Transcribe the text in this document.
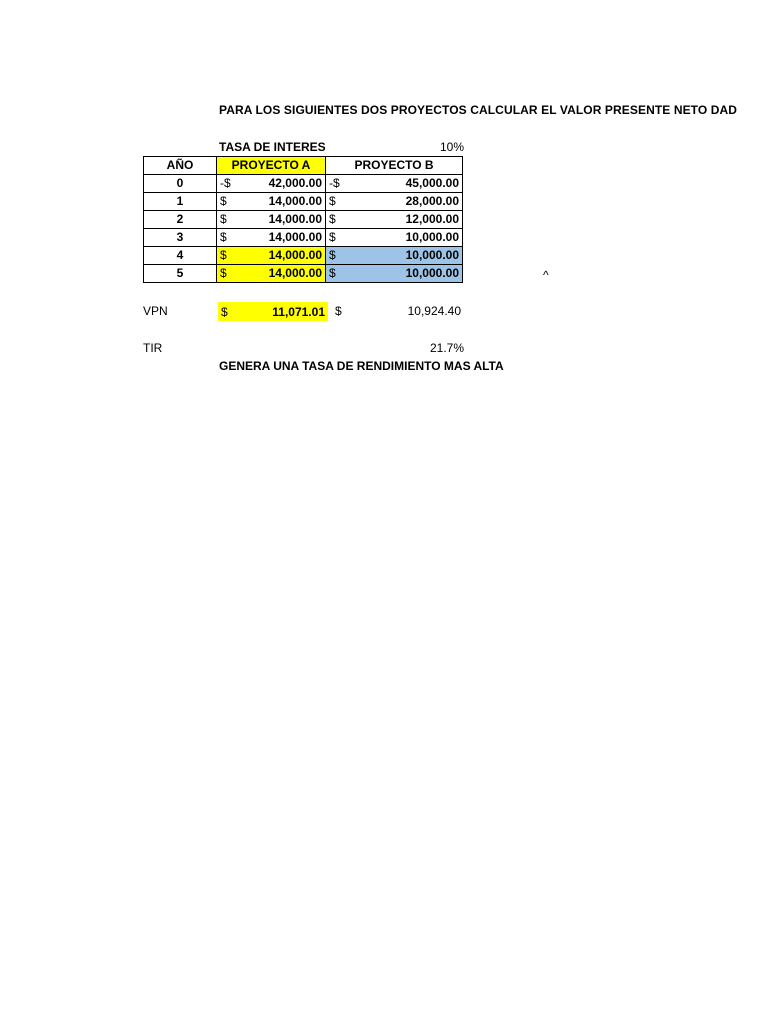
PARA LOS SIGUIENTES DOS PROYECTOS CALCULAR EL VALOR PRESENTE NETO DAD
TASA DE INTERES	10%
AÑO	PROYECTO A	PROYECTO B
0	-$ 42,000.00	-$ 45,000.00

1	$ 14,000.00	$ 28,000.00

2	$ 14,000.00	$ 12,000.00

3	$ 14,000.00	$ 10,000.00

4	$ 14,000.00	$ 10,000.00

5	$ 14,000.00	$ 10,000.00	^
VPN	$	11,071.01 $	10,924.40
TIR	21.7%
GENERA UNA TASA DE RENDIMIENTO MAS ALTA
